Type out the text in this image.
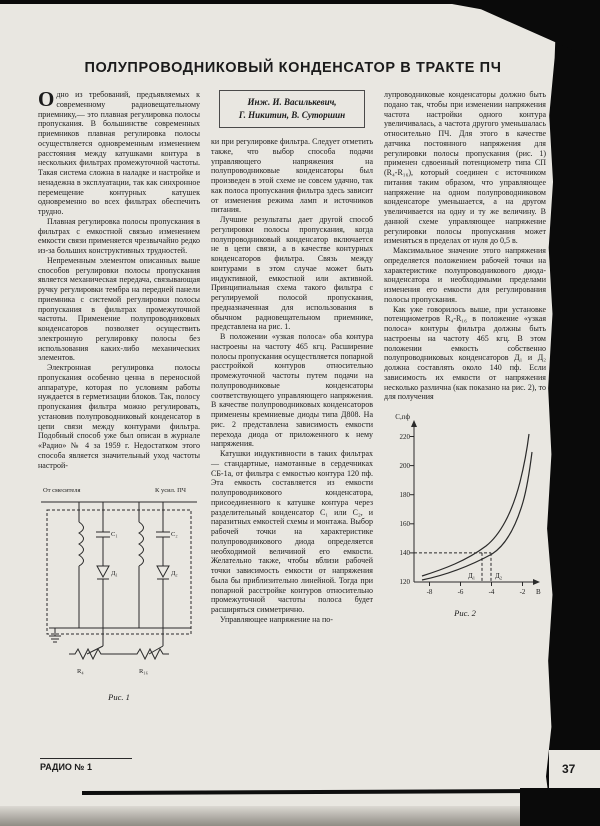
ПОЛУПРОВОДНИКОВЫЙ КОНДЕНСАТОР В ТРАКТЕ ПЧ

Одно из требований, предъявляемых к современному радиовещательному приемнику,— это плавная регулировка полосы пропускания. В большинстве современных приемников плавная регулировка полосы осуществляется одновременным изменением расстояния между катушками контура в нескольких фильтрах промежуточной частоты. Такая система сложна в наладке и настройке и ненадежна в эксплуатации, так как синхронное перемещение контурных катушек одновременно во всех фильтрах обеспечить трудно.

Плавная регулировка полосы пропускания в фильтрах с емкостной связью изменением емкости связи применяется чрезвычайно редко из-за больших конструктивных трудностей.

Непременным элементом описанных выше способов регулировки полосы пропускания является механическая передача, связывающая ручку регулировки тембра на передней панели приемника с системой регулировки полосы пропускания в фильтрах промежуточной частоты. Применение полупроводниковых конденсаторов позволяет осуществить электронную регулировку полосы без использования каких-либо механических элементов.

Электронная регулировка полосы пропускания особенно ценна в переносной аппаратуре, которая по условиям работы нуждается в герметизации блоков. Так, полосу пропускания фильтра можно регулировать, установив полупроводниковый конденсатор в цепи связи между контурами фильтра. Подобный способ уже был описан в журнале «Радио» № 4 за 1959 г. Недостатком этого способа является значительный уход частоты настрой-

От смесителя	К усил. ПЧ
С₁	С₂
Д₁	Д₂
R₄	R₁₆
Рис. 1
Инж. И. Василькевич,
Г. Никитин, В. Суторшин

ки при регулировке фильтра. Следует отметить также, что выбор способа подачи управляющего напряжения на полупроводниковые конденсаторы был произведен в этой схеме не совсем удачно, так как полоса пропускания фильтра здесь зависит от изменения режима ламп и источников питания.

Лучшие результаты дает другой способ регулировки полосы пропускания, когда полупроводниковый конденсатор включается не в цепи связи, а в качестве контурных конденсаторов фильтра. Связь между контурами в этом случае может быть индуктивной, емкостной или активной. Принципиальная схема такого фильтра с регулируемой полосой пропускания, предназначенная для использования в обычном радиовещательном приемнике, представлена на рис. 1.

В положении «узкая полоса» оба контура настроены на частоту 465 кгц. Расширение полосы пропускания осуществляется попарной расстройкой контуров относительно промежуточной частоты путем подачи на полупроводниковые конденсаторы соответствующего управляющего напряжения. В качестве полупроводниковых конденсаторов применены кремниевые диоды типа Д808. На рис. 2 представлена зависимость емкости перехода диода от приложенного к нему напряжения.

Катушки индуктивности в таких фильтрах — стандартные, намотанные в сердечниках СБ-1а, от фильтра с емкостью контура 120 пф. Эта емкость составляется из емкости полупроводникового конденсатора, присоединенного к катушке контура через разделительный конденсатор С₁ или С₂, и паразитных емкостей схемы и монтажа. Выбор рабочей точки на характеристике полупроводникового диода определяется необходимой величиной его емкости. Желательно также, чтобы вблизи рабочей точки зависимость емкости от напряжения была бы приблизительно линейной. Тогда при попарной расстройке контуров относительно промежуточной частоты полоса будет расширяться симметрично.

Управляющее напряжение на по-

лупроводниковые конденсаторы должно быть подано так, чтобы при изменении напряжения частота настройки одного контура увеличивалась, а частота другого уменьшалась относительно ПЧ. Для этого в качестве датчика постоянного напряжения для регулировки полосы пропускания (рис. 1) применен сдвоенный потенциометр типа СП (R₄-R₁₆), который соединен с источником питания таким образом, что управляющее напряжение на одном полупроводниковом конденсаторе уменьшается, а на другом увеличивается на одну и ту же величину. В данной схеме управляющее напряжение регулировки полосы пропускания может изменяться в пределах от нуля до 0,5 в.

Максимальное значение этого напряжения определяется положением рабочей точки на характеристике полупроводникового диода-конденсатора и необходимыми пределами изменения его емкости для регулирования полосы пропускания.

Как уже говорилось выше, при установке потенциометров R₄-R₁₆ в положение «узкая полоса» контуры фильтра должны быть настроены на частоту 465 кгц. В этом положении емкость собственно полупроводниковых конденсаторов Д₁ и Д₂ должна составлять около 140 пф. Если зависимость их емкости от напряжения несколько различна (как показано на рис. 2), то для получения

С,пф
220
200
180
160
140
120
-8	-6	-4	-2 В
Д₁	Д₂
Рис. 2
РАДИО № 1	37
